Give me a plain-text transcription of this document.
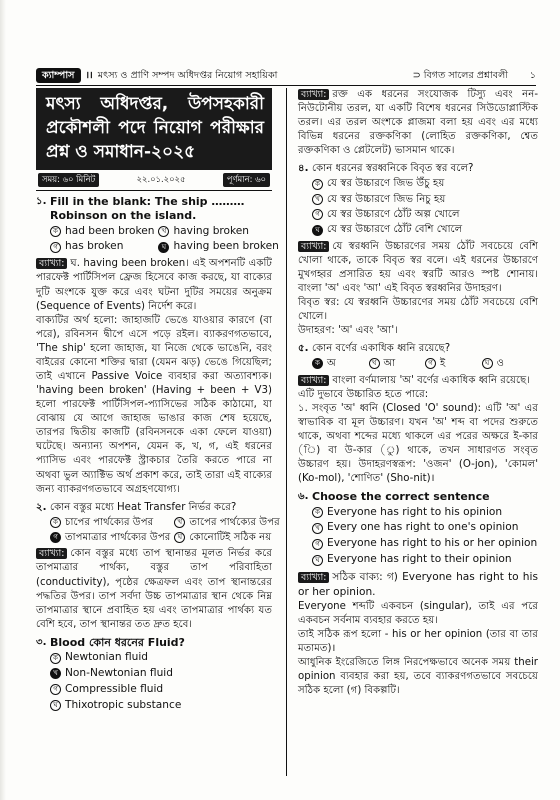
ক্যাম্পাস	।। মৎস্য ও প্রাণি সম্পদ অধিদপ্তর নিয়োগ সহায়িকা	⊃ বিগত সালের প্রশ্নাবলী	১
মৎস্য অধিদপ্তর, উপসহকারী প্রকৌশলী পদে নিয়োগ পরীক্ষার প্রশ্ন ও সমাধান-২০২৫
সময়: ৬০ মিনিট	২২.০১.২০২৫	পূর্ণমান: ৬০
১. Fill in the blank: The ship ……… Robinson on the island.
ক had been broken	খ having broken
গ has broken	ঘ having been broken

ব্যাখ্যা: ঘ. having been broken। এই অপশনটি একটি পারফেক্ট পার্টিসিপল ফ্রেজ হিসেবে কাজ করছে, যা বাক্যের দুটি অংশকে যুক্ত করে এবং ঘটনা দুটির সময়ের অনুক্রম (Sequence of Events) নির্দেশ করে।

বাক্যটির অর্থ হলো: জাহাজটি ভেঙে যাওয়ার কারণে (বা পরে), রবিনসন দ্বীপে এসে পড়ে রইল। ব্যাকরণগতভাবে, 'The ship' হলো জাহাজ, যা নিজে থেকে ভাঙেনি, বরং বাইরের কোনো শক্তির দ্বারা (যেমন ঝড়) ভেঙে গিয়েছিল; তাই এখানে Passive Voice ব্যবহার করা অত্যাবশ্যক। 'having been broken' (Having + been + V3) হলো পারফেক্ট পার্টিসিপল-প্যাসিভের সঠিক কাঠামো, যা বোঝায় যে আগে জাহাজ ভাঙার কাজ শেষ হয়েছে, তারপর দ্বিতীয় কাজটি (রবিনসনকে একা ফেলে যাওয়া) ঘটেছে। অন্যান্য অপশন, যেমন ক, খ, গ, এই ধরনের প্যাসিভ এবং পারফেক্ট স্ট্রাকচার তৈরি করতে পারে না অথবা ভুল অ্যাক্টিভ অর্থ প্রকাশ করে, তাই তারা এই বাক্যের জন্য ব্যাকরণগতভাবে অগ্রহণযোগ্য।

২. কোন বস্তুর মধ্যে Heat Transfer নির্ভর করে?
ক চাপের পার্থক্যের উপর	খ তাপের পার্থক্যের উপর
গ তাপমাত্রার পার্থক্যের উপর	ঘ কোনোটিই সঠিক নয়

ব্যাখ্যা: কোন বস্তুর মধ্যে তাপ স্থানান্তর মূলত নির্ভর করে তাপমাত্রার পার্থক্য, বস্তুর তাপ পরিবাহিতা (conductivity), পৃষ্ঠের ক্ষেত্রফল এবং তাপ স্থানান্তরের পদ্ধতির উপর। তাপ সর্বদা উচ্চ তাপমাত্রার স্থান থেকে নিম্ন তাপমাত্রার স্থানে প্রবাহিত হয় এবং তাপমাত্রার পার্থক্য যত বেশি হবে, তাপ স্থানান্তর তত দ্রুত হবে।

৩. Blood কোন ধরনের Fluid?
ক Newtonian fluid
খ Non-Newtonian fluid
গ Compressible fluid
ঘ Thixotropic substance

ব্যাখ্যা: রক্ত এক ধরনের সংযোজক টিস্যু এবং নন-নিউটোনীয় তরল, যা একটি বিশেষ ধরনের সিউডোপ্লাস্টিক তরল। এর তরল অংশকে প্লাজমা বলা হয় এবং এর মধ্যে বিভিন্ন ধরনের রক্তকণিকা (লোহিত রক্তকণিকা, শ্বেত রক্তকণিকা ও প্লেটলেট) ভাসমান থাকে।

৪. কোন ধরনের স্বরধ্বনিকে বিবৃত স্বর বলে?
ক যে স্বর উচ্চারণে জিভ উঁচু হয়
খ যে স্বর উচ্চারণে জিভ নিচু হয়
গ যে স্বর উচ্চারণে ঠোঁট অল্প খোলে
ঘ যে স্বর উচ্চারণে ঠোঁট বেশি খোলে

ব্যাখ্যা: যে স্বরধ্বনি উচ্চারণের সময় ঠোঁট সবচেয়ে বেশি খোলা থাকে, তাকে বিবৃত স্বর বলে। এই ধরনের উচ্চারণে মুখগহ্বর প্রসারিত হয় এবং স্বরটি আরও স্পষ্ট শোনায়। বাংলা 'অ' এবং 'আ' এই বিবৃত স্বরধ্বনির উদাহরণ।

বিবৃত স্বর: যে স্বরধ্বনি উচ্চারণের সময় ঠোঁট সবচেয়ে বেশি খোলে।

উদাহরণ: 'অ' এবং 'আ'।

৫. কোন বর্ণের একাধিক ধ্বনি রয়েছে?
ক অ	খ আ	গ ই	ঘ ও

ব্যাখ্যা: বাংলা বর্ণমালায় 'অ' বর্ণের একাধিক ধ্বনি রয়েছে।

এটি দুভাবে উচ্চারিত হতে পারে:

১. সংবৃত 'অ' ধ্বনি (Closed 'O' sound): এটি 'অ' এর স্বাভাবিক বা মূল উচ্চারণ। যখন 'অ' শব্দ বা পদের শুরুতে থাকে, অথবা শব্দের মধ্যে থাকলে এর পরের অক্ষরে ই-কার (ি) বা উ-কার (ু) থাকে, তখন সাধারণত সংবৃত উচ্চারণ হয়। উদাহরণস্বরূপ: 'ওজন' (O-jon), 'কোমল' (Ko-mol), 'শোণিত' (Sho-nit)।

৬. Choose the correct sentence
ক Everyone has right to his opinion
খ Every one has right to one's opinion
গ Everyone has right to his or her opinion
ঘ Everyone has right to their opinion

ব্যাখ্যা: সঠিক বাক্য: গ) Everyone has right to his or her opinion.

Everyone শব্দটি একবচন (singular), তাই এর পরে একবচন সর্বনাম ব্যবহার করতে হয়।

তাই সঠিক রূপ হলো - his or her opinion (তার বা তার মতামত)।

আধুনিক ইংরেজিতে লিঙ্গ নিরপেক্ষভাবে অনেক সময় their opinion ব্যবহার করা হয়, তবে ব্যাকরণগতভাবে সবচেয়ে সঠিক হলো (গ) বিকল্পটি।
